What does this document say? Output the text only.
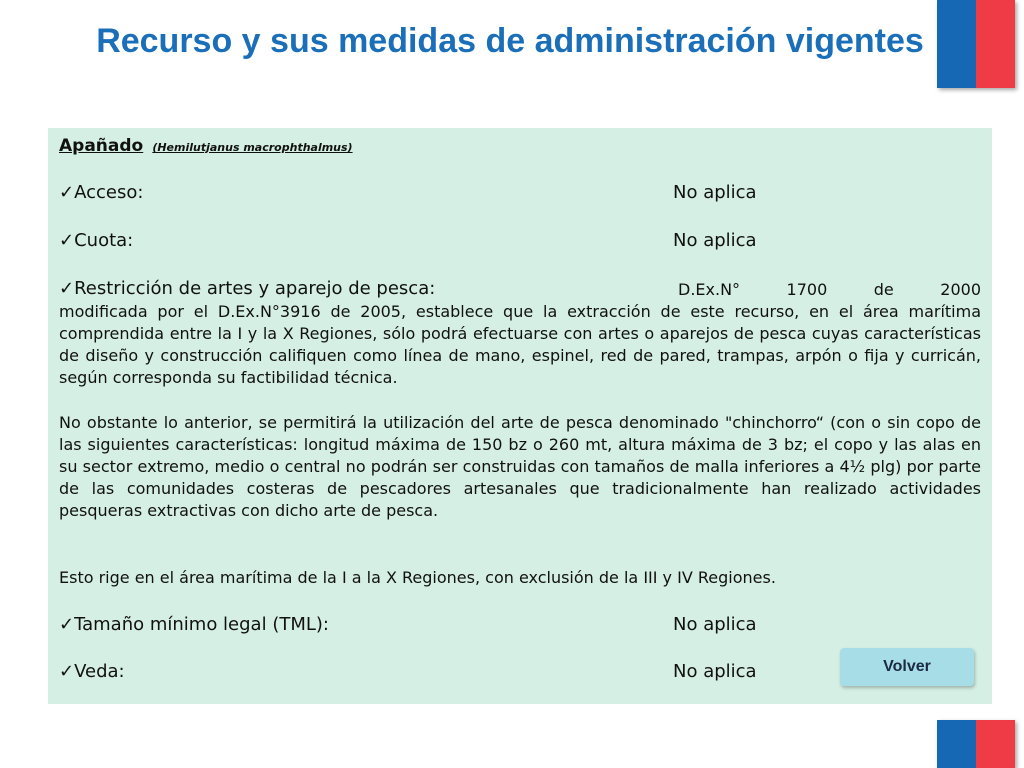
Recurso y sus medidas de administración vigentes
Apañado (Hemilutjanus macrophthalmus)
✓Acceso:	No aplica
✓Cuota:	No aplica
✓Restricción de artes y aparejo de pesca:	D.Ex.N° 1700 de 2000
modificada por el D.Ex.N°3916 de 2005, establece que la extracción de este recurso, en el área marítima comprendida entre la I y la X Regiones, sólo podrá efectuarse con artes o aparejos de pesca cuyas características de diseño y construcción califiquen como línea de mano, espinel, red de pared, trampas, arpón o fija y curricán, según corresponda su factibilidad técnica.
No obstante lo anterior, se permitirá la utilización del arte de pesca denominado "chinchorro“ (con o sin copo de las siguientes características: longitud máxima de 150 bz o 260 mt, altura máxima de 3 bz; el copo y las alas en su sector extremo, medio o central no podrán ser construidas con tamaños de malla inferiores a 4½ plg) por parte de las comunidades costeras de pescadores artesanales que tradicionalmente han realizado actividades pesqueras extractivas con dicho arte de pesca.
Esto rige en el área marítima de la I a la X Regiones, con exclusión de la III y IV Regiones.
✓Tamaño mínimo legal (TML):	No aplica
✓Veda:	No aplica	Volver
